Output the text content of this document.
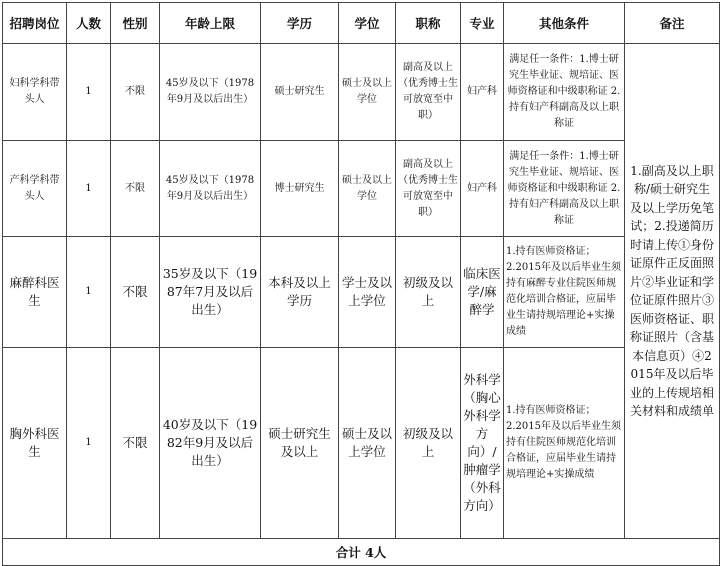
招聘岗位	人数	性别	年龄上限	学历	学位	职称	专业	其他条件	备注
妇科学科带头人	1	不限	45岁及以下（1978年9月及以后出生）	硕士研究生	硕士及以上学位	副高及以上（优秀博士生可放宽至中职）	妇产科	满足任一条件：1.博士研究生毕业证、规培证、医师资格证和中级职称证 2.持有妇产科副高及以上职称证	1.副高及以上职称/硕士研究生及以上学历免笔试；2.投递简历时请上传①身份证原件正反面照片②毕业证和学位证原件照片③医师资格证、职称证照片（含基本信息页）④2015年及以后毕业的上传规培相关材料和成绩单
产科学科带头人	1	不限	45岁及以下（1978年9月及以后出生）	博士研究生	硕士及以上学位	副高及以上（优秀博士生可放宽至中职）	妇产科	满足任一条件：1.博士研究生毕业证、规培证、医师资格证和中级职称证 2.持有妇产科副高及以上职称证	
麻醉科医生	1	不限	35岁及以下（1987年7月及以后出生）	本科及以上学历	学士及以上学位	初级及以上	临床医学/麻醉学	1.持有医师资格证；
2.2015年及以后毕业生须持有麻醉专业住院医师规范化培训合格证，应届毕业生请持规培理论+实操成绩	

胸外科医生	1	不限	40岁及以下（1982年9月及以后出生）	硕士研究生及以上	硕士及以上学位	初级及以上	外科学（胸心外科学方向）/肿瘤学（外科方向）	1.持有医师资格证；
2.2015年及以后毕业生须持有住院医师规范化培训合格证，应届毕业生请持规培理论+实操成绩	

合计 4人									
